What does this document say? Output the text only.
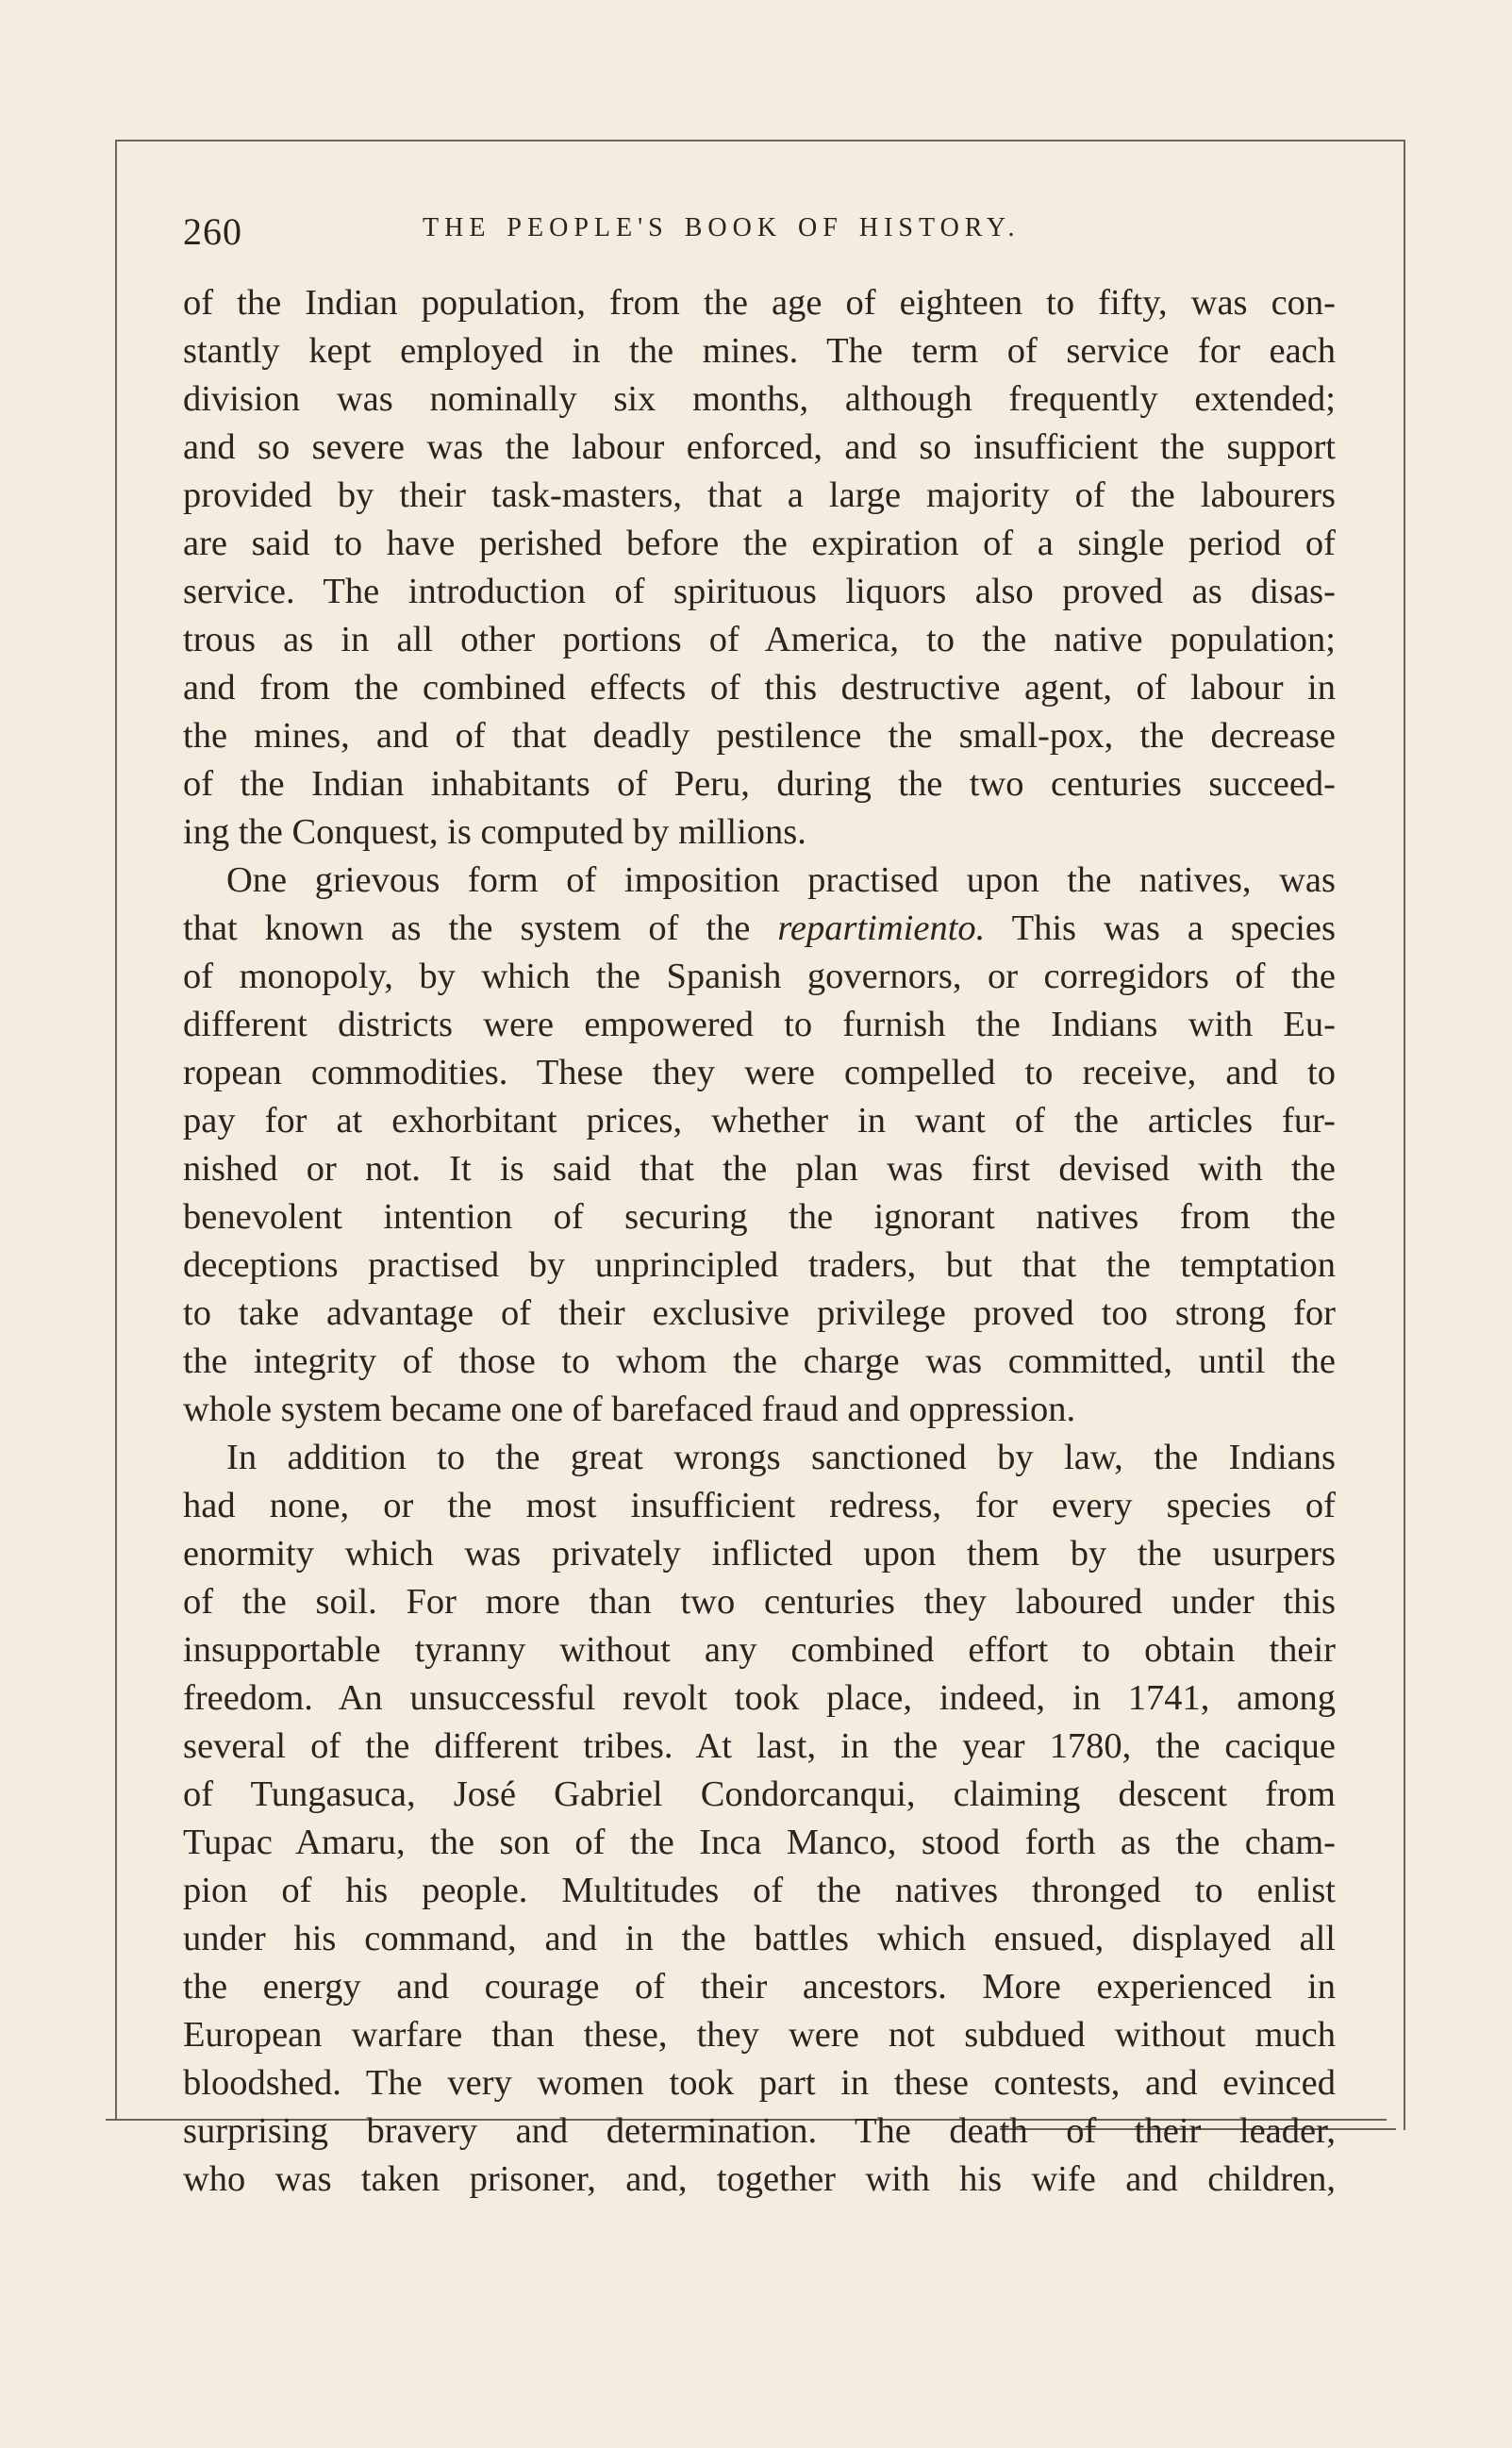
260	THE PEOPLE'S BOOK OF HISTORY.
of the Indian population, from the age of eighteen to fifty, was con-
stantly kept employed in the mines. The term of service for each
division was nominally six months, although frequently extended;
and so severe was the labour enforced, and so insufficient the support
provided by their task-masters, that a large majority of the labourers
are said to have perished before the expiration of a single period of
service. The introduction of spirituous liquors also proved as disas-
trous as in all other portions of America, to the native population;
and from the combined effects of this destructive agent, of labour in
the mines, and of that deadly pestilence the small-pox, the decrease
of the Indian inhabitants of Peru, during the two centuries succeed-
ing the Conquest, is computed by millions.
One grievous form of imposition practised upon the natives, was
that known as the system of the repartimiento. This was a species
of monopoly, by which the Spanish governors, or corregidors of the
different districts were empowered to furnish the Indians with Eu-
ropean commodities. These they were compelled to receive, and to
pay for at exhorbitant prices, whether in want of the articles fur-
nished or not. It is said that the plan was first devised with the
benevolent intention of securing the ignorant natives from the
deceptions practised by unprincipled traders, but that the temptation
to take advantage of their exclusive privilege proved too strong for
the integrity of those to whom the charge was committed, until the
whole system became one of barefaced fraud and oppression.
In addition to the great wrongs sanctioned by law, the Indians
had none, or the most insufficient redress, for every species of
enormity which was privately inflicted upon them by the usurpers
of the soil. For more than two centuries they laboured under this
insupportable tyranny without any combined effort to obtain their
freedom. An unsuccessful revolt took place, indeed, in 1741, among
several of the different tribes. At last, in the year 1780, the cacique
of Tungasuca, José Gabriel Condorcanqui, claiming descent from
Tupac Amaru, the son of the Inca Manco, stood forth as the cham-
pion of his people. Multitudes of the natives thronged to enlist
under his command, and in the battles which ensued, displayed all
the energy and courage of their ancestors. More experienced in
European warfare than these, they were not subdued without much
bloodshed. The very women took part in these contests, and evinced
surprising bravery and determination. The death of their leader,
who was taken prisoner, and, together with his wife and children,
